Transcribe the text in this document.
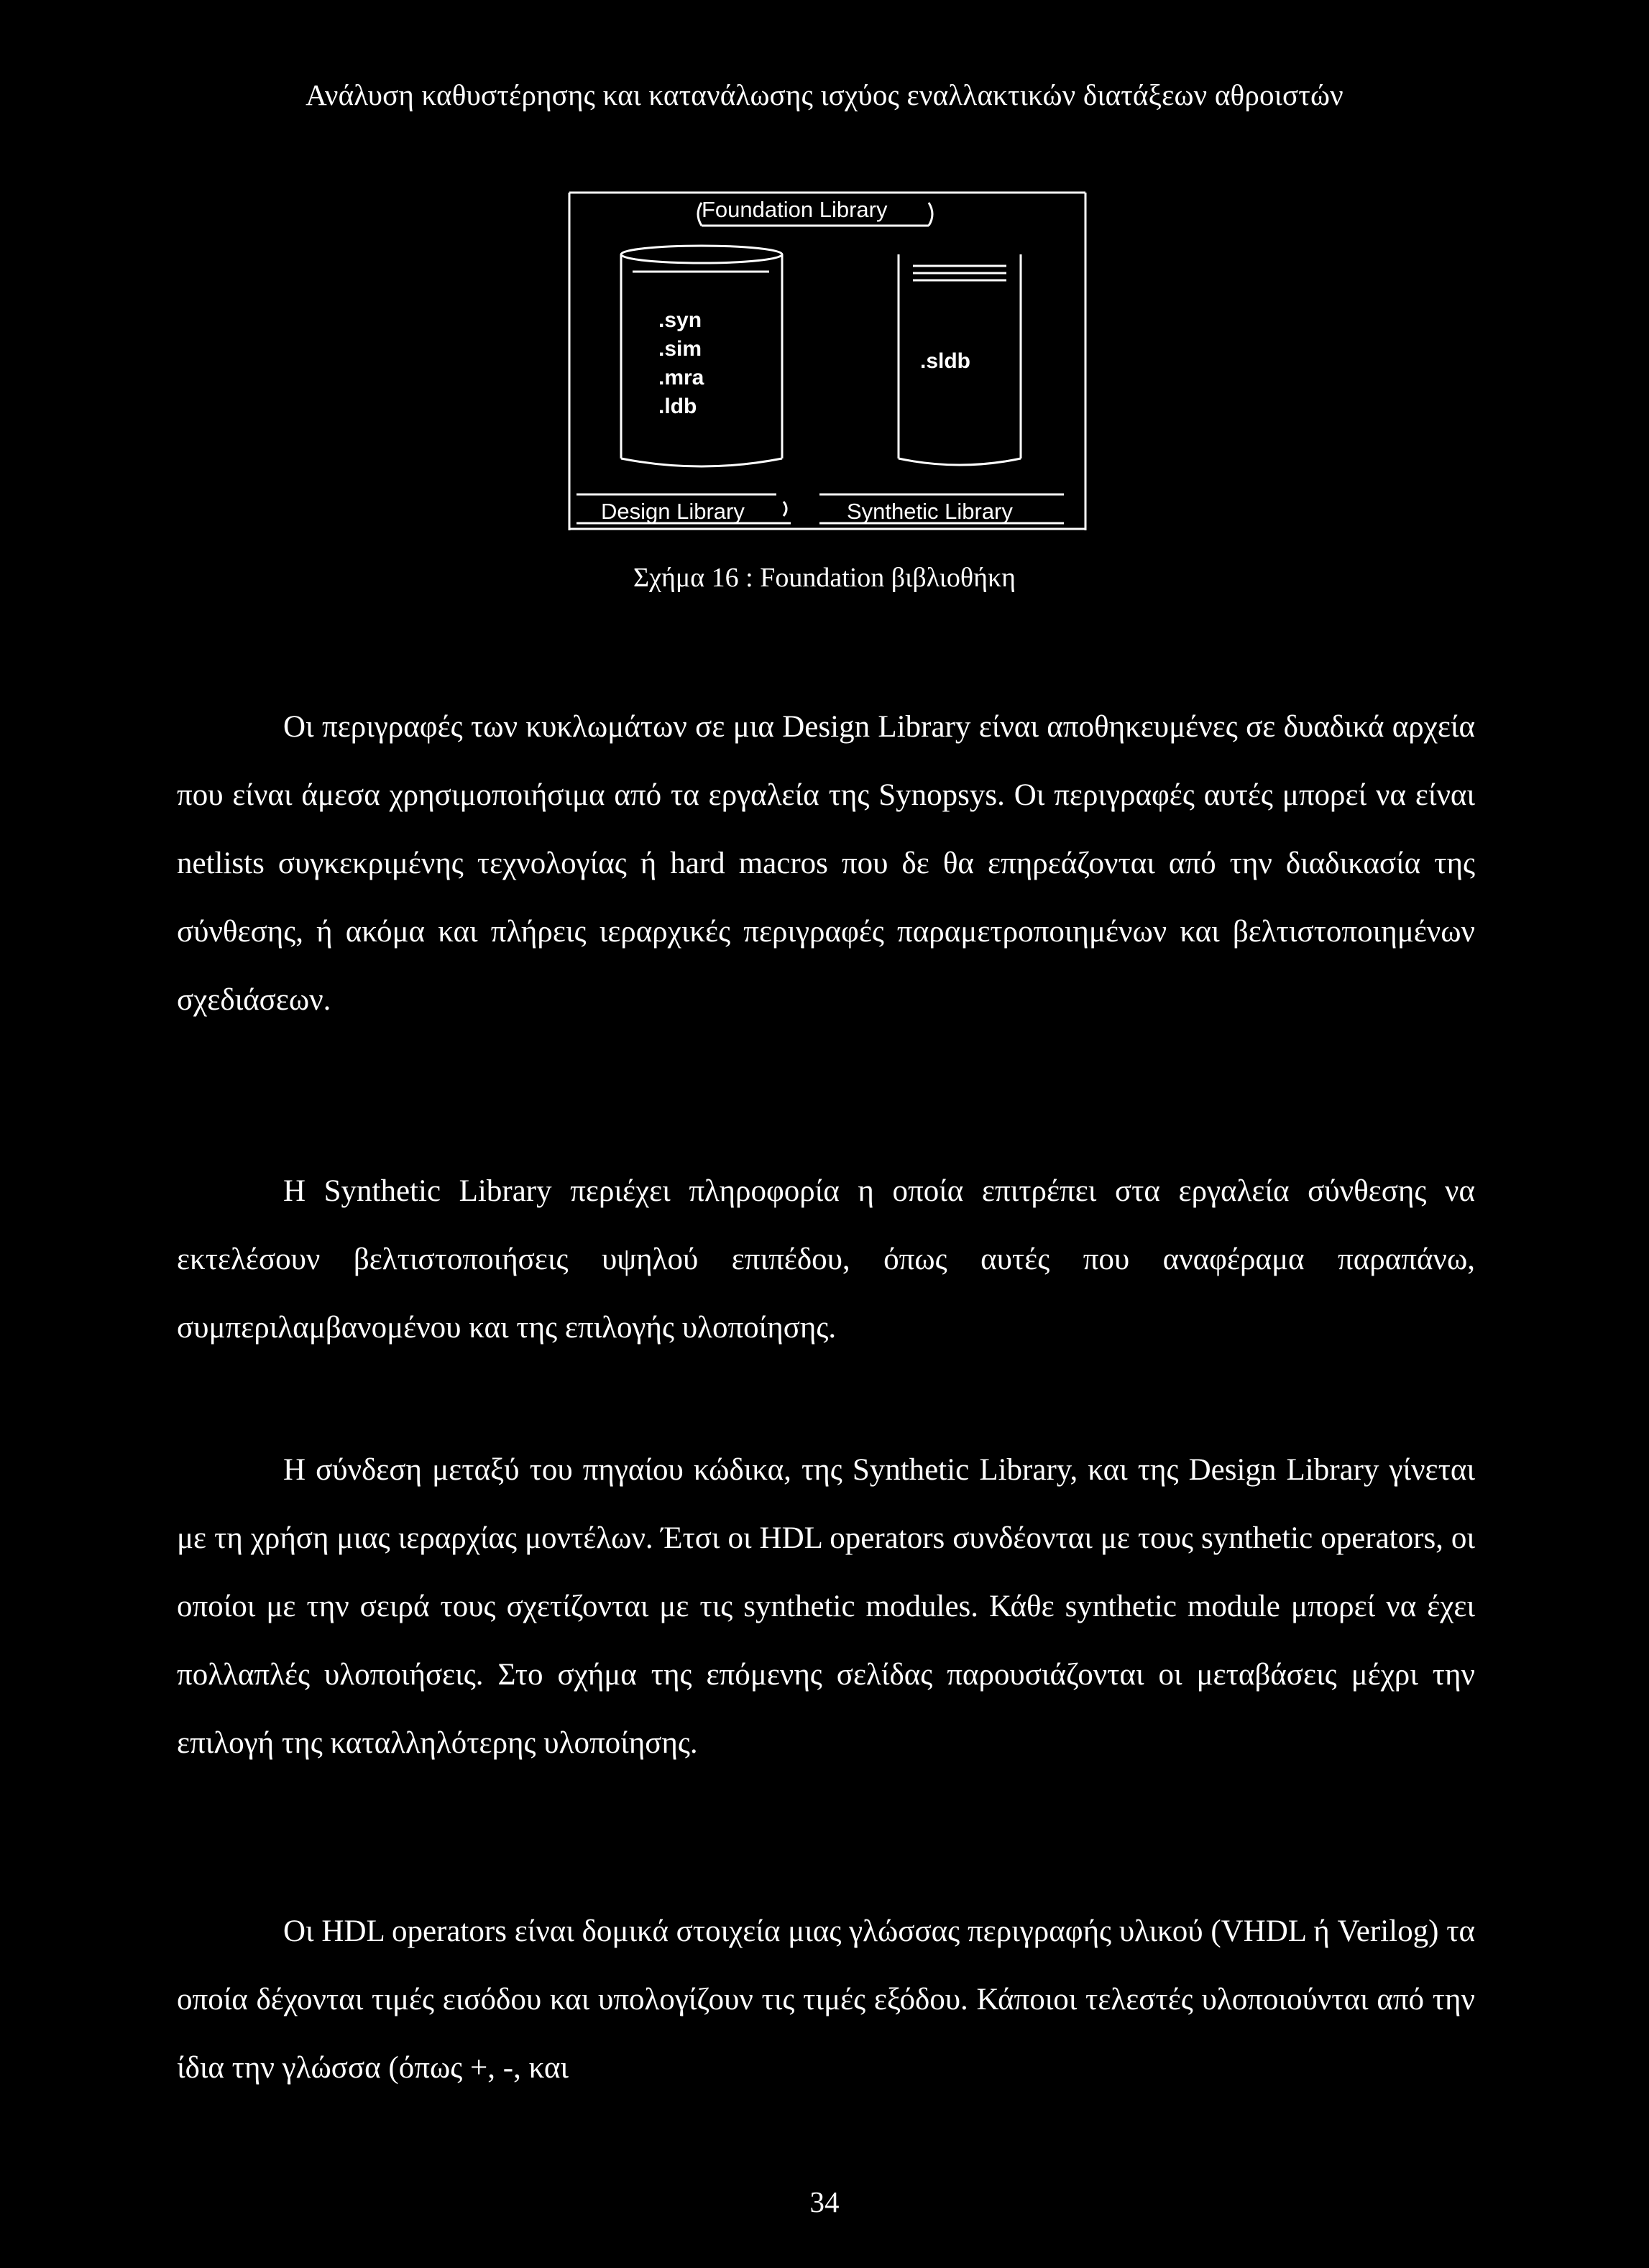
Ανάλυση καθυστέρησης και κατανάλωσης ισχύος εναλλακτικών διατάξεων αθροιστών
Foundation Library
.syn
.sim
.mra
.ldb
.sldb
Design Library	Synthetic Library
Σχήμα 16 : Foundation βιβλιοθήκη

Οι περιγραφές των κυκλωμάτων σε μια Design Library είναι αποθηκευμένες σε δυαδικά αρχεία που είναι άμεσα χρησιμοποιήσιμα από τα εργαλεία της Synopsys. Οι περιγραφές αυτές μπορεί να είναι netlists συγκεκριμένης τεχνολογίας ή hard macros που δε θα επηρεάζονται από την διαδικασία της σύνθεσης, ή ακόμα και πλήρεις ιεραρχικές περιγραφές παραμετροποιημένων και βελτιστοποιημένων σχεδιάσεων.

Η Synthetic Library περιέχει πληροφορία η οποία επιτρέπει στα εργαλεία σύνθεσης να εκτελέσουν βελτιστοποιήσεις υψηλού επιπέδου, όπως αυτές που αναφέραμα παραπάνω, συμπεριλαμβανομένου και της επιλογής υλοποίησης.

Η σύνδεση μεταξύ του πηγαίου κώδικα, της Synthetic Library, και της Design Library γίνεται με τη χρήση μιας ιεραρχίας μοντέλων. Έτσι οι HDL operators συνδέονται με τους synthetic operators, οι οποίοι με την σειρά τους σχετίζονται με τις synthetic modules. Κάθε synthetic module μπορεί να έχει πολλαπλές υλοποιήσεις. Στο σχήμα της επόμενης σελίδας παρουσιάζονται οι μεταβάσεις μέχρι την επιλογή της καταλληλότερης υλοποίησης.

Οι HDL operators είναι δομικά στοιχεία μιας γλώσσας περιγραφής υλικού (VHDL ή Verilog) τα οποία δέχονται τιμές εισόδου και υπολογίζουν τις τιμές εξόδου. Κάποιοι τελεστές υλοποιούνται από την ίδια την γλώσσα (όπως +, -, και

34
